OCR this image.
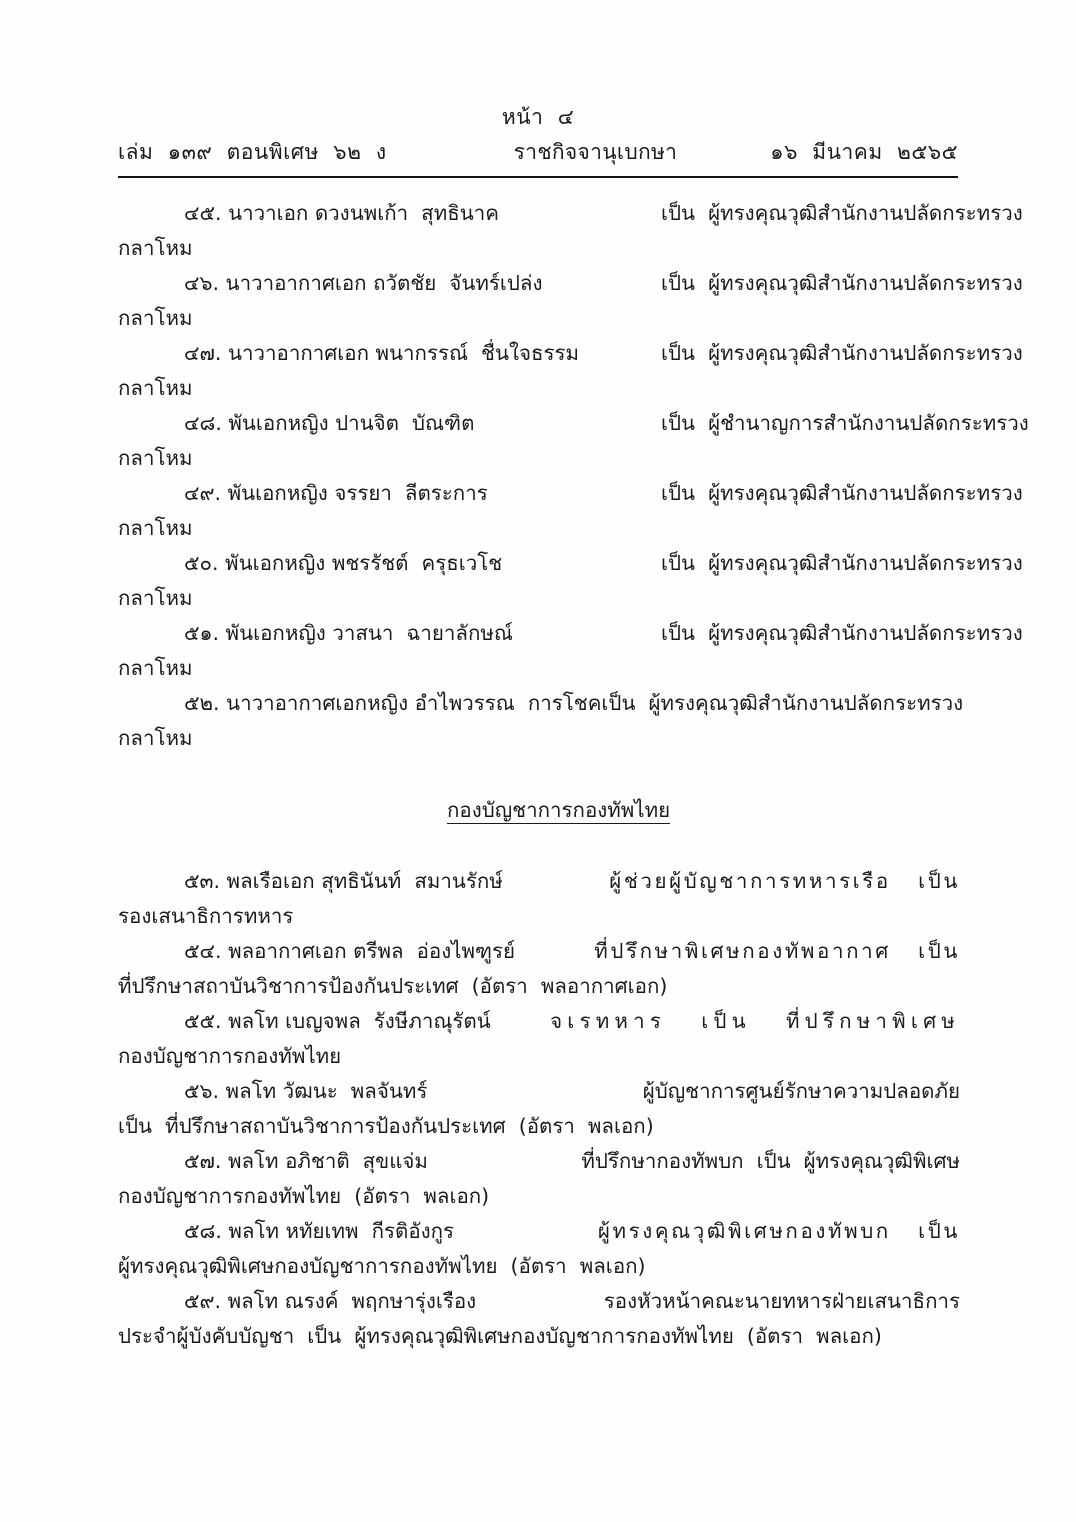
หน้า  ๔
เล่ม  ๑๓๙  ตอนพิเศษ  ๖๒  ง	ราชกิจจานุเบกษา	๑๖  มีนาคม  ๒๕๖๕
๔๕. นาวาเอก ดวงนพเก้า  สุทธินาค	เป็น  ผู้ทรงคุณวุฒิสำนักงานปลัดกระทรวง
กลาโหม
๔๖. นาวาอากาศเอก ถวัตชัย  จันทร์เปล่ง	เป็น  ผู้ทรงคุณวุฒิสำนักงานปลัดกระทรวง
กลาโหม
๔๗. นาวาอากาศเอก พนากรรณ์  ชื่นใจธรรม	เป็น  ผู้ทรงคุณวุฒิสำนักงานปลัดกระทรวง
กลาโหม
๔๘. พันเอกหญิง ปานจิต  บัณฑิต	เป็น  ผู้ชำนาญการสำนักงานปลัดกระทรวง
กลาโหม
๔๙. พันเอกหญิง จรรยา  ลีตระการ	เป็น  ผู้ทรงคุณวุฒิสำนักงานปลัดกระทรวง
กลาโหม
๕๐. พันเอกหญิง พชรรัชต์  ครุธเวโช	เป็น  ผู้ทรงคุณวุฒิสำนักงานปลัดกระทรวง
กลาโหม
๕๑. พันเอกหญิง วาสนา  ฉายาลักษณ์	เป็น  ผู้ทรงคุณวุฒิสำนักงานปลัดกระทรวง
กลาโหม
๕๒. นาวาอากาศเอกหญิง อำไพวรรณ  การโชค เป็น  ผู้ทรงคุณวุฒิสำนักงานปลัดกระทรวง
กลาโหม

กองบัญชาการกองทัพไทย

๕๓. พลเรือเอก สุทธินันท์  สมานรักษ์	ผู้ช่วยผู้บัญชาการทหารเรือ   เป็น
รองเสนาธิการทหาร
๕๔. พลอากาศเอก ตรีพล  อ่องไพฑูรย์	ที่ปรึกษาพิเศษกองทัพอากาศ   เป็น
ที่ปรึกษาสถาบันวิชาการป้องกันประเทศ  (อัตรา  พลอากาศเอก)
๕๕. พลโท เบญจพล  รังษีภาณุรัตน์	จเรทหาร   เป็น   ที่ปรึกษาพิเศษ
กองบัญชาการกองทัพไทย
๕๖. พลโท วัฒนะ  พลจันทร์	ผู้บัญชาการศูนย์รักษาความปลอดภัย
เป็น  ที่ปรึกษาสถาบันวิชาการป้องกันประเทศ  (อัตรา  พลเอก)
๕๗. พลโท อภิชาติ  สุขแจ่ม	ที่ปรึกษากองทัพบก  เป็น  ผู้ทรงคุณวุฒิพิเศษ
กองบัญชาการกองทัพไทย  (อัตรา  พลเอก)
๕๘. พลโท หทัยเทพ  กีรติอังกูร	ผู้ทรงคุณวุฒิพิเศษกองทัพบก   เป็น
ผู้ทรงคุณวุฒิพิเศษกองบัญชาการกองทัพไทย  (อัตรา  พลเอก)
๕๙. พลโท ณรงค์  พฤกษารุ่งเรือง	รองหัวหน้าคณะนายทหารฝ่ายเสนาธิการ
ประจำผู้บังคับบัญชา  เป็น  ผู้ทรงคุณวุฒิพิเศษกองบัญชาการกองทัพไทย  (อัตรา  พลเอก)
